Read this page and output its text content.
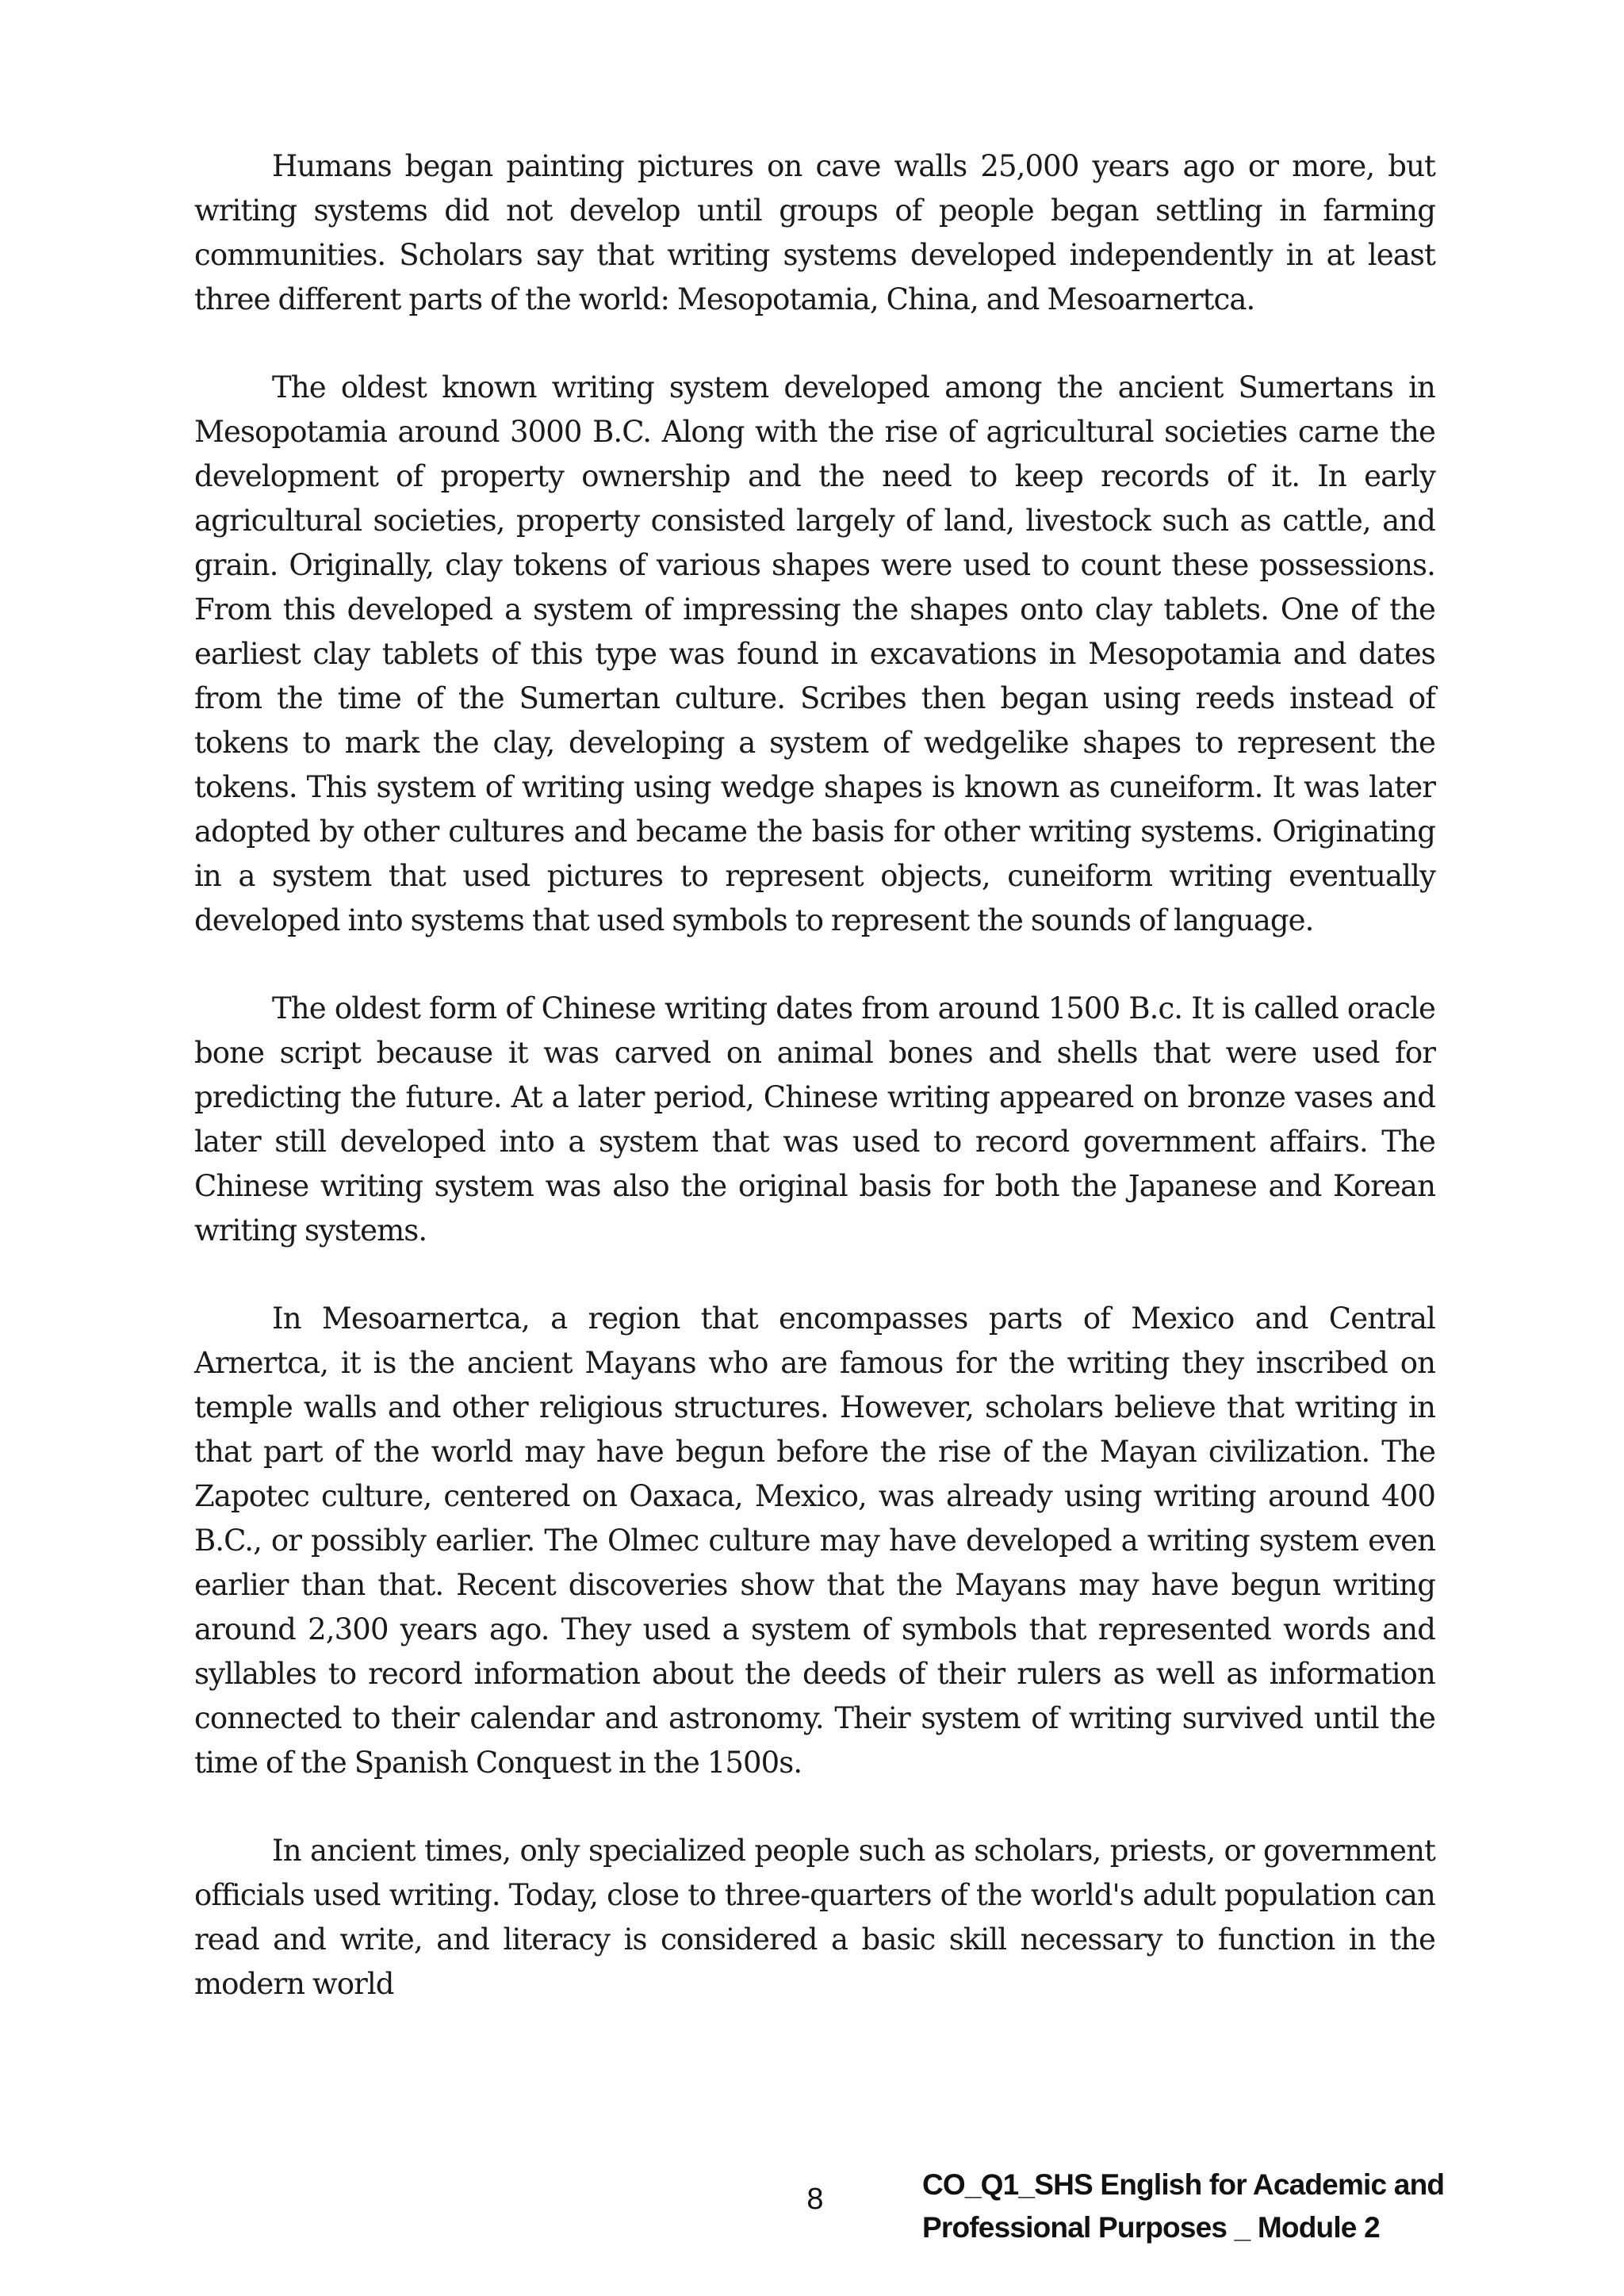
Humans began painting pictures on cave walls 25,000 years ago or more, but writing systems did not develop until groups of people began settling in farming communities. Scholars say that writing systems developed independently in at least three different parts of the world: Mesopotamia, China, and Mesoarnertca.

The oldest known writing system developed among the ancient Sumertans in Mesopotamia around 3000 B.C. Along with the rise of agricultural societies carne the development of property ownership and the need to keep records of it. In early agricultural societies, property consisted largely of land, livestock such as cattle, and grain. Originally, clay tokens of various shapes were used to count these possessions. From this developed a system of impressing the shapes onto clay tablets. One of the earliest clay tablets of this type was found in excavations in Mesopotamia and dates from the time of the Sumertan culture. Scribes then began using reeds instead of tokens to mark the clay, developing a system of wedgelike shapes to represent the tokens. This system of writing using wedge shapes is known as cuneiform. It was later adopted by other cultures and became the basis for other writing systems. Originating in a system that used pictures to represent objects, cuneiform writing eventually developed into systems that used symbols to represent the sounds of language.

The oldest form of Chinese writing dates from around 1500 B.c. It is called oracle bone script because it was carved on animal bones and shells that were used for predicting the future. At a later period, Chinese writing appeared on bronze vases and later still developed into a system that was used to record government affairs. The Chinese writing system was also the original basis for both the Japanese and Korean writing systems.

In Mesoarnertca, a region that encompasses parts of Mexico and Central Arnertca, it is the ancient Mayans who are famous for the writing they inscribed on temple walls and other religious structures. However, scholars believe that writing in that part of the world may have begun before the rise of the Mayan civilization. The Zapotec culture, centered on Oaxaca, Mexico, was already using writing around 400 B.C., or possibly earlier. The Olmec culture may have developed a writing system even earlier than that. Recent discoveries show that the Mayans may have begun writing around 2,300 years ago. They used a system of symbols that represented words and syllables to record information about the deeds of their rulers as well as information connected to their calendar and astronomy. Their system of writing survived until the time of the Spanish Conquest in the 1500s.

In ancient times, only specialized people such as scholars, priests, or government officials used writing. Today, close to three-quarters of the world's adult population can read and write, and literacy is considered a basic skill necessary to function in the modern world

8	CO_Q1_SHS English for Academic and
Professional Purposes _ Module 2
